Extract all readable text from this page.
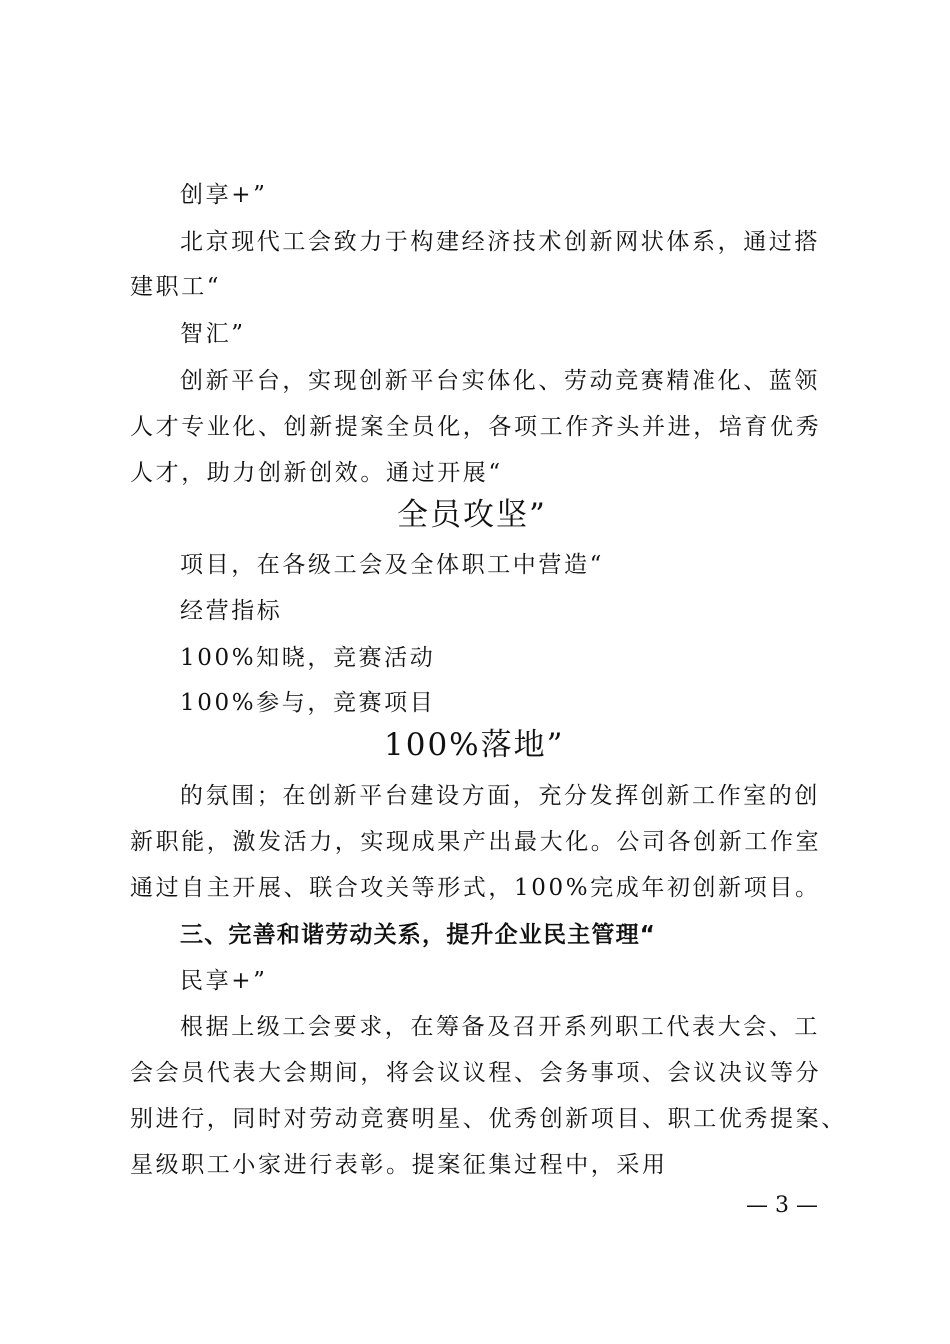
创享+”
北京现代工会致力于构建经济技术创新网状体系，通过搭
建职工“
智汇”
创新平台，实现创新平台实体化、劳动竞赛精准化、蓝领
人才专业化、创新提案全员化，各项工作齐头并进，培育优秀
人才，助力创新创效。通过开展“
全员攻坚”
项目，在各级工会及全体职工中营造“
经营指标
100%知晓，竞赛活动
100%参与，竞赛项目
100%落地”
的氛围；在创新平台建设方面，充分发挥创新工作室的创
新职能，激发活力，实现成果产出最大化。公司各创新工作室
通过自主开展、联合攻关等形式，100%完成年初创新项目。
三、完善和谐劳动关系，提升企业民主管理“
民享+”
根据上级工会要求，在筹备及召开系列职工代表大会、工
会会员代表大会期间，将会议议程、会务事项、会议决议等分
别进行，同时对劳动竞赛明星、优秀创新项目、职工优秀提案、
星级职工小家进行表彰。提案征集过程中，采用
— 3 —
